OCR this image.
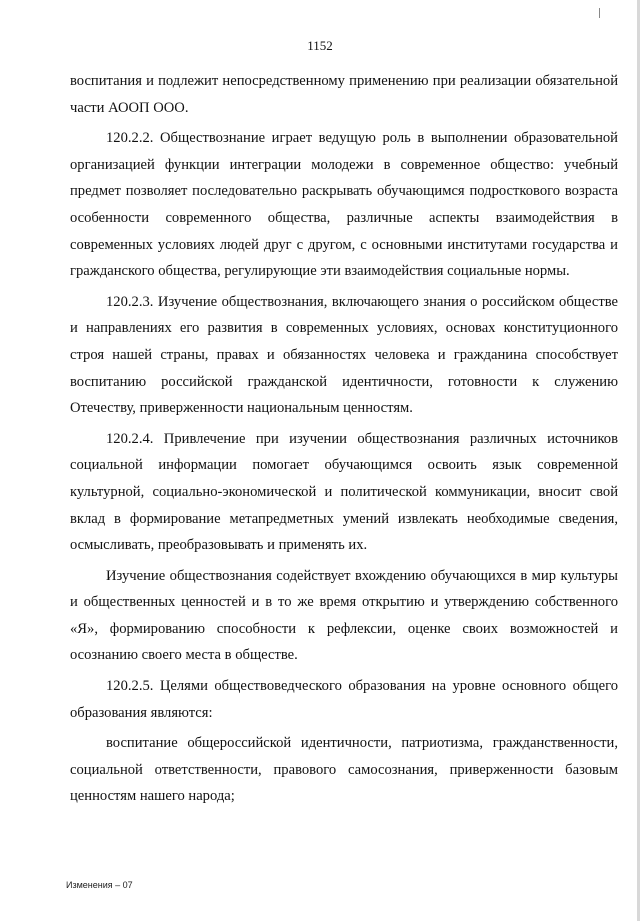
1152

воспитания и подлежит непосредственному применению при реализации обязательной части АООП ООО.

120.2.2. Обществознание играет ведущую роль в выполнении образовательной организацией функции интеграции молодежи в современное общество: учебный предмет позволяет последовательно раскрывать обучающимся подросткового возраста особенности современного общества, различные аспекты взаимодействия в современных условиях людей друг с другом, с основными институтами государства и гражданского общества, регулирующие эти взаимодействия социальные нормы.

120.2.3. Изучение обществознания, включающего знания о российском обществе и направлениях его развития в современных условиях, основах конституционного строя нашей страны, правах и обязанностях человека и гражданина способствует воспитанию российской гражданской идентичности, готовности к служению Отечеству, приверженности национальным ценностям.

120.2.4. Привлечение при изучении обществознания различных источников социальной информации помогает обучающимся освоить язык современной культурной, социально-экономической и политической коммуникации, вносит свой вклад в формирование метапредметных умений извлекать необходимые сведения, осмысливать, преобразовывать и применять их.

Изучение обществознания содействует вхождению обучающихся в мир культуры и общественных ценностей и в то же время открытию и утверждению собственного «Я», формированию способности к рефлексии, оценке своих возможностей и осознанию своего места в обществе.

120.2.5. Целями обществоведческого образования на уровне основного общего образования являются:

воспитание общероссийской идентичности, патриотизма, гражданственности, социальной ответственности, правового самосознания, приверженности базовым ценностям нашего народа;

Изменения – 07
